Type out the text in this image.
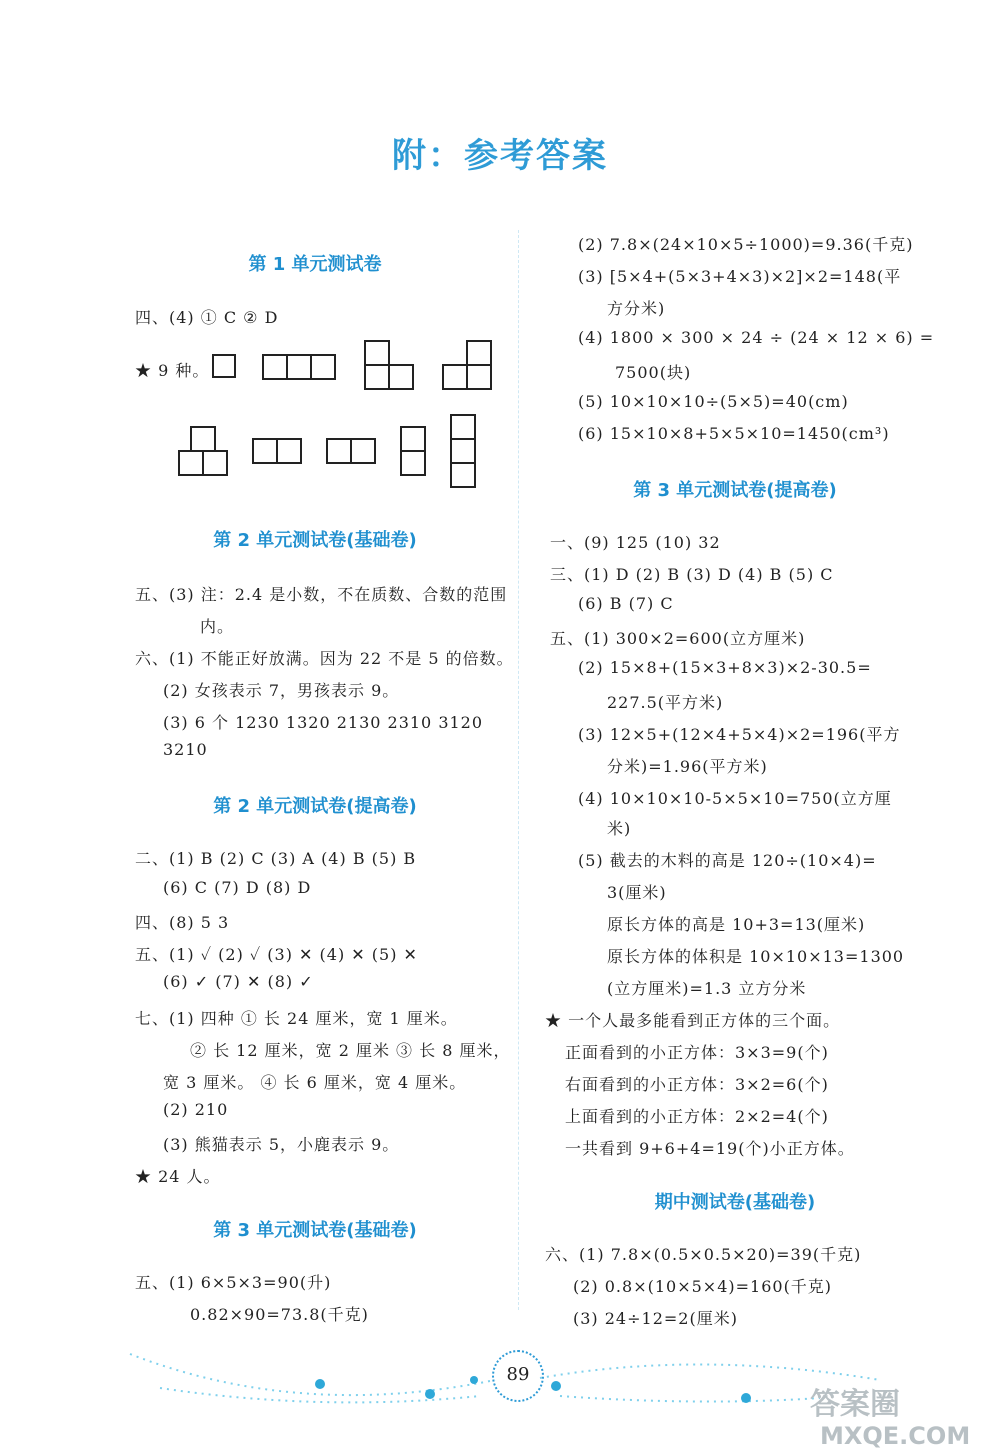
附：参考答案
第 1 单元测试卷
四、(4) ① C ② D
★ 9 种。
第 2 单元测试卷(基础卷)
五、(3) 注：2.4 是小数，不在质数、合数的范围
内。
六、(1) 不能正好放满。因为 22 不是 5 的倍数。
(2) 女孩表示 7，男孩表示 9。
(3) 6 个 1230 1320 2130 2310 3120
3210
第 2 单元测试卷(提高卷)
二、(1) B (2) C (3) A (4) B (5) B
(6) C (7) D (8) D
四、(8) 5 3
五、(1) ✓ (2) ✓ (3) ✕ (4) ✕ (5) ✕
(6) ✓ (7) ✕ (8) ✓
七、(1) 四种 ① 长 24 厘米，宽 1 厘米。
② 长 12 厘米，宽 2 厘米 ③ 长 8 厘米，
宽 3 厘米。 ④ 长 6 厘米，宽 4 厘米。
(2) 210
(3) 熊猫表示 5，小鹿表示 9。
★ 24 人。
第 3 单元测试卷(基础卷)
五、(1) 6×5×3=90(升)
0.82×90=73.8(千克)
(2) 7.8×(24×10×5÷1000)=9.36(千克)
(3) [5×4+(5×3+4×3)×2]×2=148(平
方分米)
(4) 1800 × 300 × 24 ÷ (24 × 12 × 6) =
7500(块)
(5) 10×10×10÷(5×5)=40(cm)
(6) 15×10×8+5×5×10=1450(cm³)
第 3 单元测试卷(提高卷)
一、(9) 125 (10) 32
三、(1) D (2) B (3) D (4) B (5) C
(6) B (7) C
五、(1) 300×2=600(立方厘米)
(2) 15×8+(15×3+8×3)×2-30.5=
227.5(平方米)
(3) 12×5+(12×4+5×4)×2=196(平方
分米)=1.96(平方米)
(4) 10×10×10-5×5×10=750(立方厘
米)
(5) 截去的木料的高是 120÷(10×4)=
3(厘米)
原长方体的高是 10+3=13(厘米)
原长方体的体积是 10×10×13=1300
(立方厘米)=1.3 立方分米
★ 一个人最多能看到正方体的三个面。
正面看到的小正方体：3×3=9(个)
右面看到的小正方体：3×2=6(个)
上面看到的小正方体：2×2=4(个)
一共看到 9+6+4=19(个)小正方体。
期中测试卷(基础卷)
六、(1) 7.8×(0.5×0.5×20)=39(千克)
(2) 0.8×(10×5×4)=160(千克)
(3) 24÷12=2(厘米)
89
答案圈
MXQE.COM
